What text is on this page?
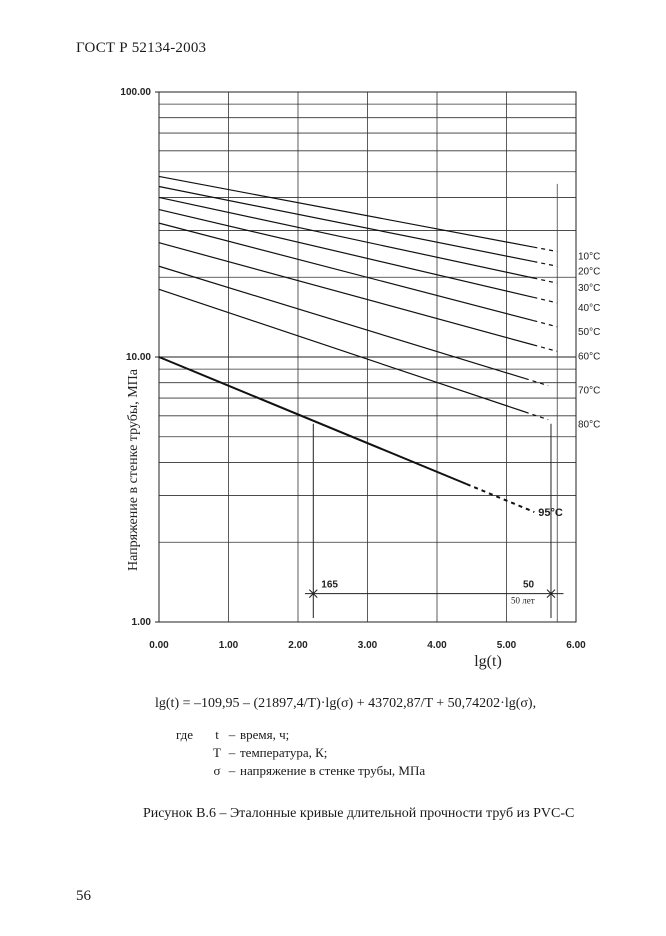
ГОСТ Р 52134-2003
165	50
50 лет
0.00	1.00	2.00	3.00	4.00	5.00	6.00
1.00
10.00
100.00
10°C
20°C
30°C
40°C
50°C
60°C
70°C
80°C
95°C
Напряжение в стенке трубы, МПа
lg(t)
lg(t) = –109,95 – (21897,4/T)·lg(σ) + 43702,87/T + 50,74202·lg(σ),
где	t – время, ч;
T – температура, К;
σ – напряжение в стенке трубы, МПа
Рисунок В.6 – Эталонные кривые длительной прочности труб из PVC-C
56
